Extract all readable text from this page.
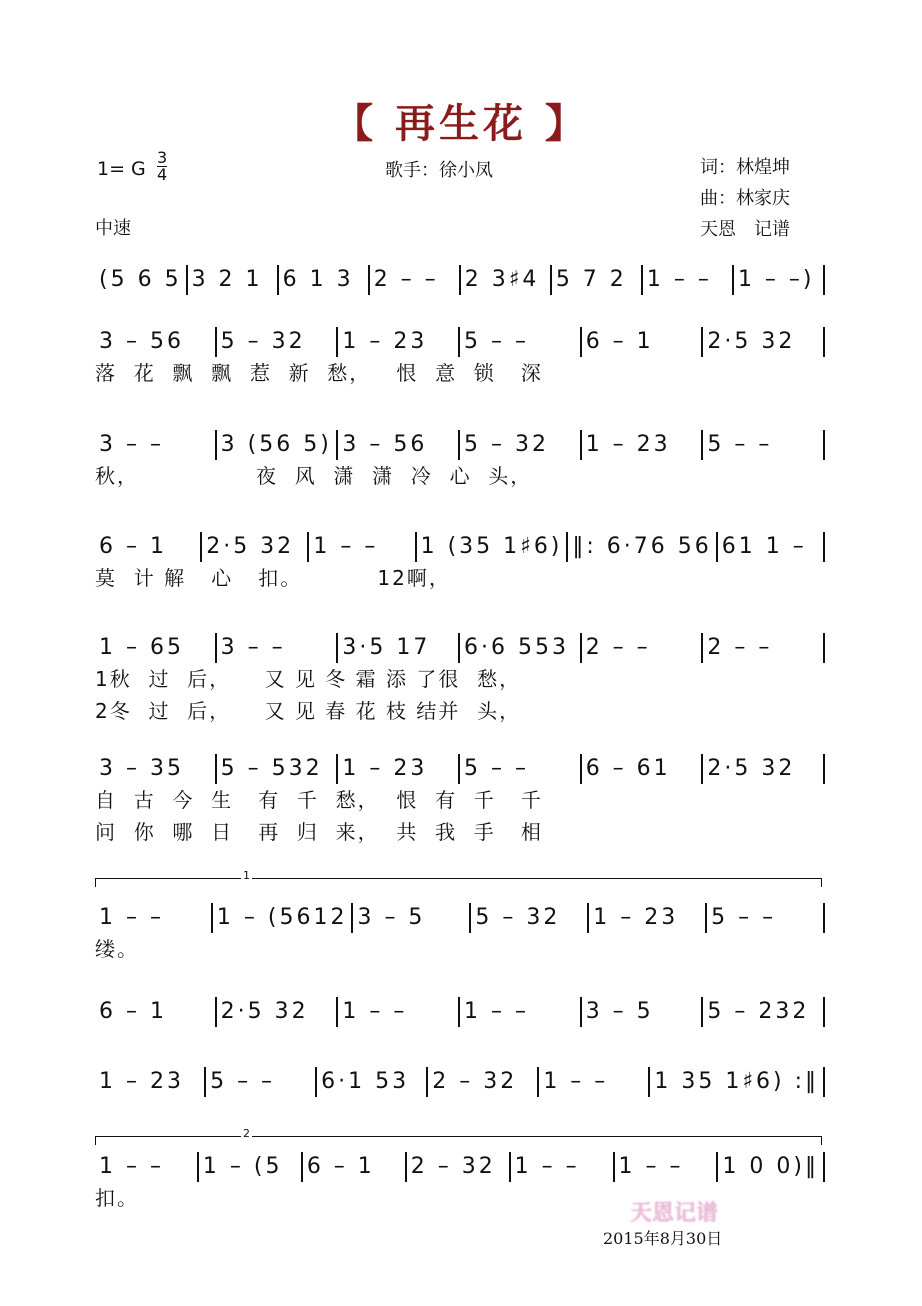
【 再生花 】
1= G $\frac{3}{4}$	歌手：徐小凤	词：林煌坤
曲：林家庆
天恩　记谱
中速
(5 6 5 3 2 1 6 1 3 2 – –	2 3♯4 5 7 2 1 – –	1 – –)
3 – 56	5 – 32	1 – 23	5 – –	6 – 1	2·5 32
落  花  飘  飘  惹  新  愁，   恨  意  锁   深
3 – –	3 (56 5) 3 – 56	5 – 32	1 – 23	5 – –
秋，              夜  风  潇  潇  冷  心  头，
6 – 1	2·5 32 1 – –	1 (35 1♯6) ‖: 6·76 56 61 1 –
莫  计 解   心   扣。         12啊，
1 – 65	3 – –	3·5 17	6·6 553 2 – –	2 – –
1秋  过  后，    又 见 冬 霜 添 了很  愁，
2冬  过  后，    又 见 春 花 枝 结并  头，
3 – 35	5 – 532 1 – 23	5 – –	6 – 61	2·5 32
自  古  今  生   有  千  愁，  恨  有  千   千
问  你  哪  日   再  归  来，  共  我  手   相
1 – –	1 – (5612 3 – 5	5 – 32	1 – 23	5 – –
缕。
6 – 1	2·5 32	1 – –	1 – –	3 – 5	5 – 232
1 – 23	5 – –	6·1 53	2 – 32	1 – –	1 35 1♯6) :‖
1 – –	1 – (5	6 – 1	2 – 32 1 – –	1 – –	1 0 0)‖
扣。
1
2
天恩记谱
2015年8月30日
